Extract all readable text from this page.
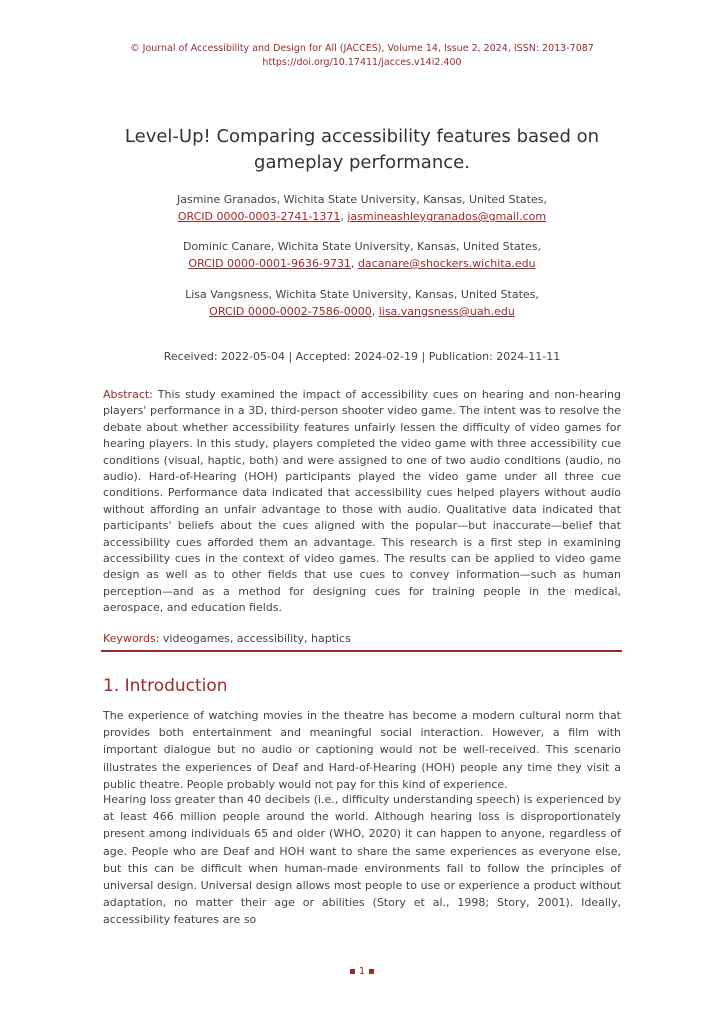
© Journal of Accessibility and Design for All (JACCES), Volume 14, Issue 2, 2024, ISSN: 2013-7087
https://doi.org/10.17411/jacces.v14i2.400
Level-Up! Comparing accessibility features based on gameplay performance.
Jasmine Granados, Wichita State University, Kansas, United States,
ORCID 0000-0003-2741-1371, jasmineashleygranados@gmail.com
Dominic Canare, Wichita State University, Kansas, United States,
ORCID 0000-0001-9636-9731, dacanare@shockers.wichita.edu
Lisa Vangsness, Wichita State University, Kansas, United States,
ORCID 0000-0002-7586-0000, lisa.vangsness@uah.edu
Received: 2022-05-04 | Accepted: 2024-02-19 | Publication: 2024-11-11
Abstract: This study examined the impact of accessibility cues on hearing and non-hearing players' performance in a 3D, third-person shooter video game. The intent was to resolve the debate about whether accessibility features unfairly lessen the difficulty of video games for hearing players. In this study, players completed the video game with three accessibility cue conditions (visual, haptic, both) and were assigned to one of two audio conditions (audio, no audio). Hard-of-Hearing (HOH) participants played the video game under all three cue conditions. Performance data indicated that accessibility cues helped players without audio without affording an unfair advantage to those with audio. Qualitative data indicated that participants' beliefs about the cues aligned with the popular—but inaccurate—belief that accessibility cues afforded them an advantage. This research is a first step in examining accessibility cues in the context of video games. The results can be applied to video game design as well as to other fields that use cues to convey information—such as human perception—and as a method for designing cues for training people in the medical, aerospace, and education fields.
Keywords: videogames, accessibility, haptics
1. Introduction
The experience of watching movies in the theatre has become a modern cultural norm that provides both entertainment and meaningful social interaction. However, a film with important dialogue but no audio or captioning would not be well-received. This scenario illustrates the experiences of Deaf and Hard-of-Hearing (HOH) people any time they visit a public theatre. People probably would not pay for this kind of experience.
Hearing loss greater than 40 decibels (i.e., difficulty understanding speech) is experienced by at least 466 million people around the world. Although hearing loss is disproportionately present among individuals 65 and older (WHO, 2020) it can happen to anyone, regardless of age. People who are Deaf and HOH want to share the same experiences as everyone else, but this can be difficult when human-made environments fail to follow the principles of universal design. Universal design allows most people to use or experience a product without adaptation, no matter their age or abilities (Story et al., 1998; Story, 2001). Ideally, accessibility features are so
1
